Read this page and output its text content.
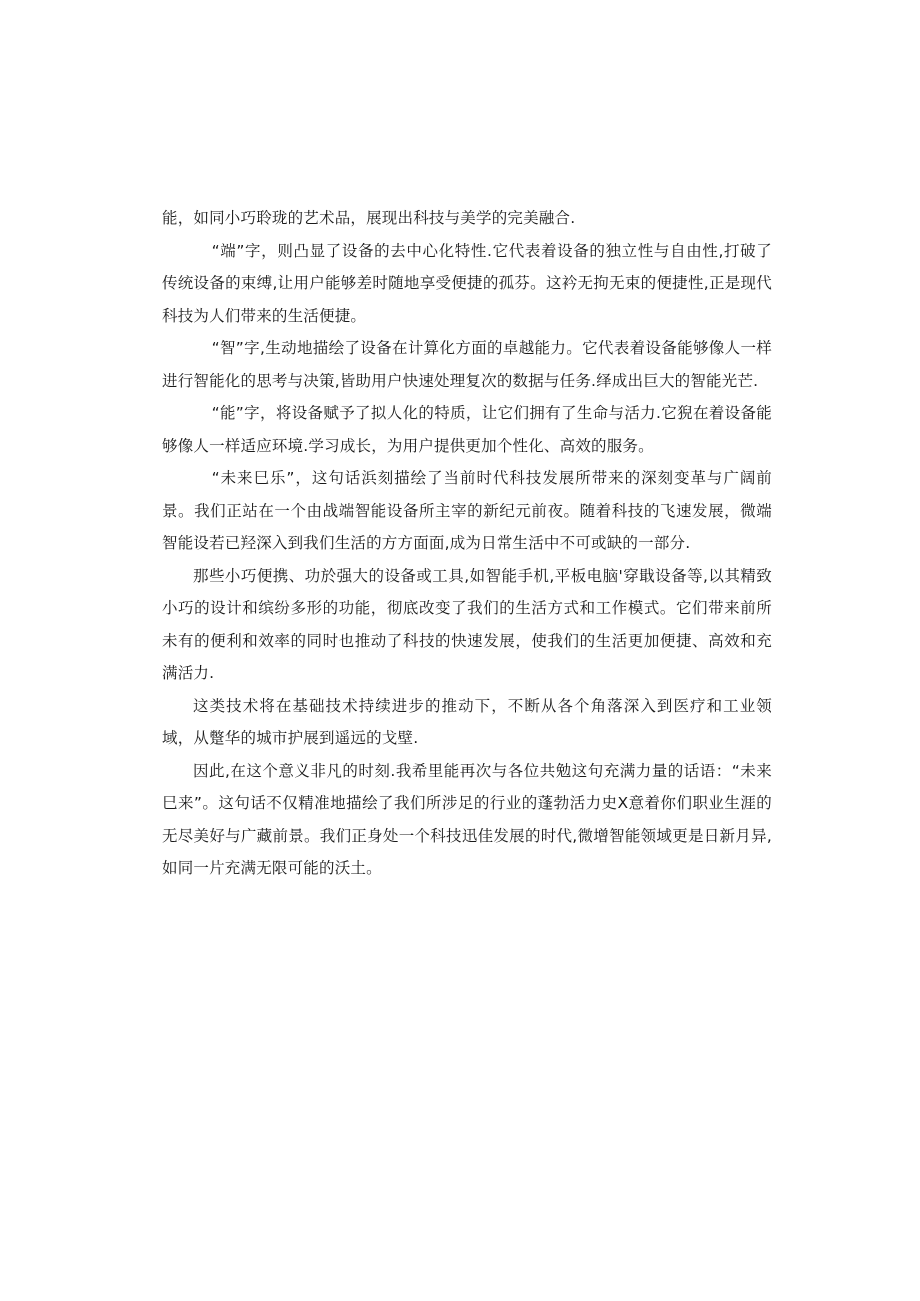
能，如同小巧聆珑的艺术品，展现出科技与美学的完美融合.

“端”字，则凸显了设备的去中心化特性.它代表着设备的独立性与自由性,打破了传统设备的束缚,让用户能够差时随地享受便捷的孤芬。这衿无拘无束的便捷性,正是现代科技为人们带来的生活便捷。

“智”字,生动地描绘了设备在计算化方面的卓越能力。它代表着设备能够像人一样进行智能化的思考与决策,皆助用户快速处理复次的数据与任务.绎成出巨大的智能光芒.

“能”字，将设备赋予了拟人化的特质，让它们拥有了生命与活力.它猊在着设备能够像人一样适应环境.学习成长，为用户提供更加个性化、高效的服务。

“未来巳乐”，这句话浜刻描绘了当前时代科技发展所带来的深刻变革与广阔前景。我们正站在一个由战端智能设备所主宰的新纪元前夜。随着科技的飞速发展，微端智能设若已羟深入到我们生活的方方面面,成为日常生活中不可或缺的一部分.

那些小巧便携、功於强大的设备或工具,如智能手机,平板电脑'穿戢设备等,以其精致小巧的设计和缤纷多形的功能，彻底改变了我们的生活方式和工作模式。它们带来前所未有的便利和效率的同时也推动了科技的快速发展，使我们的生活更加便捷、高效和充满活力.

这类技术将在基础技术持续进步的推动下，不断从各个角落深入到医疗和工业领域，从蹩华的城市护展到遥远的戈壁.

因此,在这个意义非凡的时刻.我希里能再次与各位共勉这句充满力量的话语：“未来巳来”。这句话不仅精准地描绘了我们所涉足的行业的蓬勃活力史X意着你们职业生涯的无尽美好与广藏前景。我们正身处一个科技迅佳发展的时代,微增智能领域更是日新月异,如同一片充满无限可能的沃土。
